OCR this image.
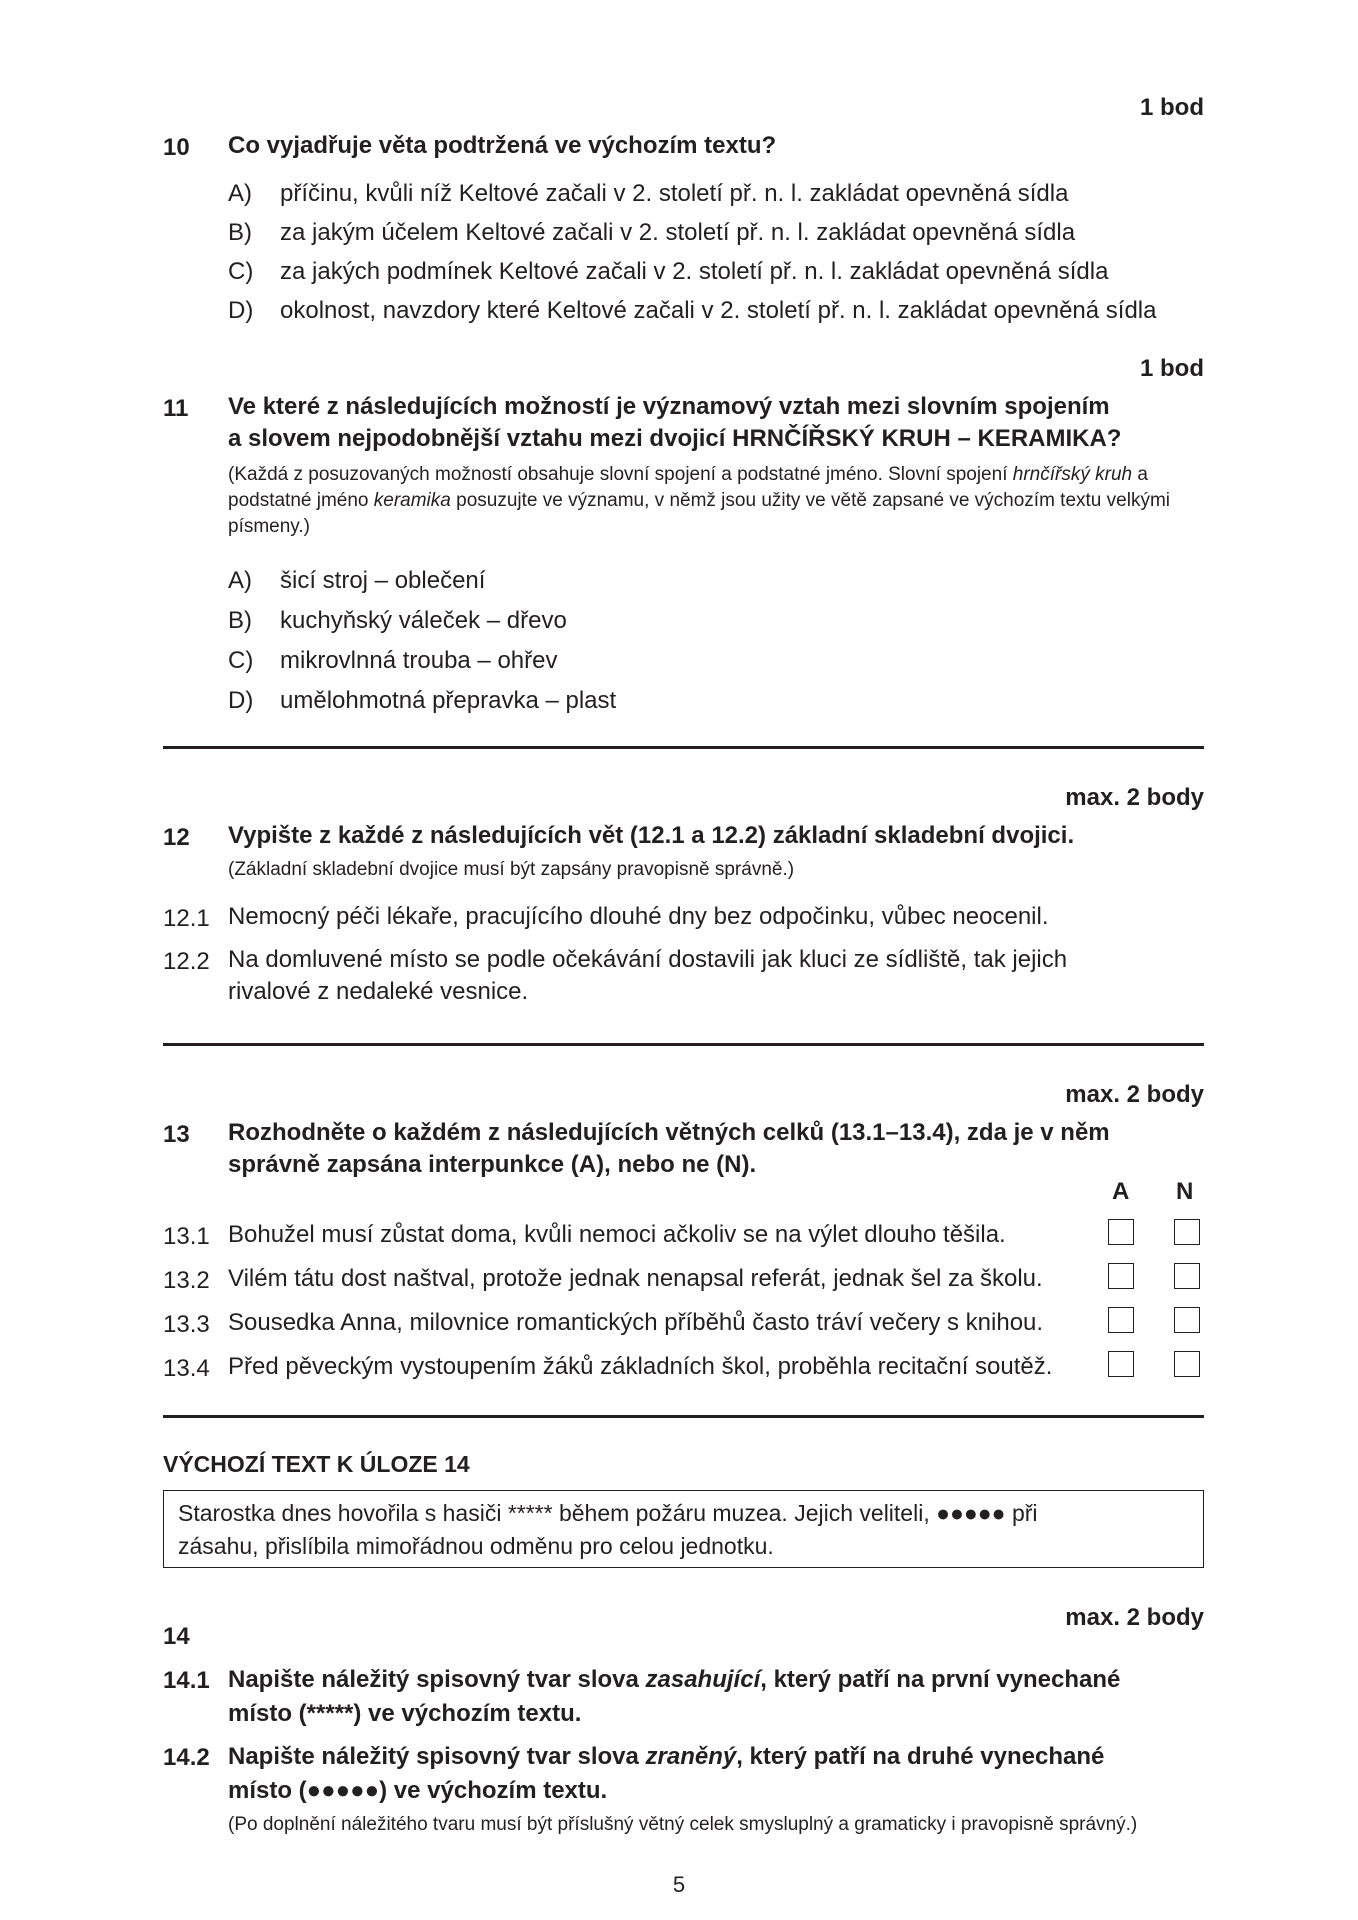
1 bod
10 Co vyjadřuje věta podtržená ve výchozím textu?
A) příčinu, kvůli níž Keltové začali v 2. století př. n. l. zakládat opevněná sídla
B) za jakým účelem Keltové začali v 2. století př. n. l. zakládat opevněná sídla
C) za jakých podmínek Keltové začali v 2. století př. n. l. zakládat opevněná sídla
D) okolnost, navzdory které Keltové začali v 2. století př. n. l. zakládat opevněná sídla
1 bod
11 Ve které z následujících možností je významový vztah mezi slovním spojením
a slovem nejpodobnější vztahu mezi dvojicí HRNČÍŘSKÝ KRUH – KERAMIKA?
(Každá z posuzovaných možností obsahuje slovní spojení a podstatné jméno. Slovní spojení hrnčířský kruh a podstatné jméno keramika posuzujte ve významu, v němž jsou užity ve větě zapsané ve výchozím textu velkými písmeny.)
A) šicí stroj – oblečení
B) kuchyňský váleček – dřevo
C) mikrovlnná trouba – ohřev
D) umělohmotná přepravka – plast
max. 2 body
12 Vypište z každé z následujících vět (12.1 a 12.2) základní skladební dvojici.
(Základní skladební dvojice musí být zapsány pravopisně správně.)
12.1 Nemocný péči lékaře, pracujícího dlouhé dny bez odpočinku, vůbec neocenil.
12.2 Na domluvené místo se podle očekávání dostavili jak kluci ze sídliště, tak jejich rivalové z nedaleké vesnice.
max. 2 body
13 Rozhodněte o každém z následujících větných celků (13.1–13.4), zda je v něm
správně zapsána interpunkce (A), nebo ne (N).
A N
13.1 Bohužel musí zůstat doma, kvůli nemoci ačkoliv se na výlet dlouho těšila.
13.2 Vilém tátu dost naštval, protože jednak nenapsal referát, jednak šel za školu.
13.3 Sousedka Anna, milovnice romantických příběhů často tráví večery s knihou.
13.4 Před pěveckým vystoupením žáků základních škol, proběhla recitační soutěž.
VÝCHOZÍ TEXT K ÚLOZE 14
Starostka dnes hovořila s hasiči ***** během požáru muzea. Jejich veliteli, ●●●●● při
zásahu, přislíbila mimořádnou odměnu pro celou jednotku.
max. 2 body
14
14.1 Napište náležitý spisovný tvar slova zasahující, který patří na první vynechané
místo (*****) ve výchozím textu.
14.2 Napište náležitý spisovný tvar slova zraněný, který patří na druhé vynechané
místo (●●●●●) ve výchozím textu.
(Po doplnění náležitého tvaru musí být příslušný větný celek smysluplný a gramaticky i pravopisně správný.)
5
